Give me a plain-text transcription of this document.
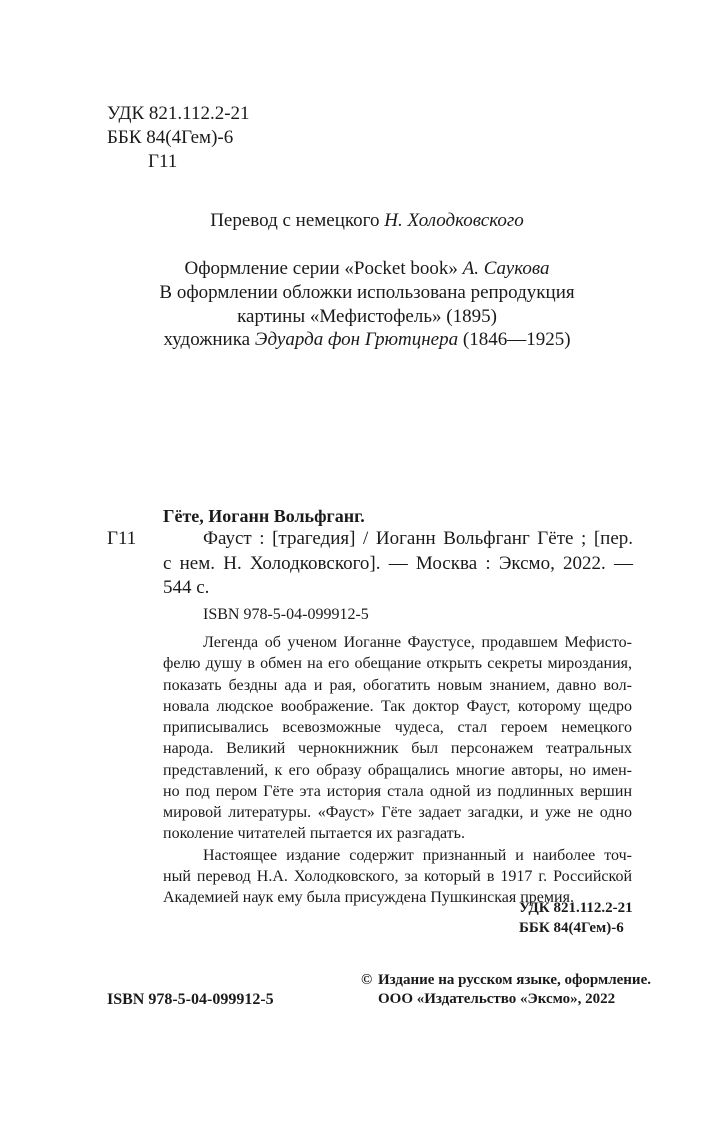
УДК 821.112.2-21
ББК 84(4Гем)-6
Г11
Перевод с немецкого Н. Холодковского
Оформление серии «Pocket book» А. Саукова
В оформлении обложки использована репродукция
картины «Мефистофель» (1895)
художника Эдуарда фон Грютцнера (1846—1925)
Гёте, Иоганн Вольфганг.
Г11	Фауст : [трагедия] / Иоганн Вольфганг Гёте ; [пер.
с нем. Н. Холодковского]. — Москва : Эксмо, 2022. —
544 с.
ISBN 978-5-04-099912-5
Легенда об ученом Иоганне Фаустусе, продавшем Мефисто-
фелю душу в обмен на его обещание открыть секреты мироздания,
показать бездны ада и рая, обогатить новым знанием, давно вол-
новала людское воображение. Так доктор Фауст, которому щедро
приписывались всевозможные чудеса, стал героем немецкого
народа. Великий чернокнижник был персонажем театральных
представлений, к его образу обращались многие авторы, но имен-
но под пером Гёте эта история стала одной из подлинных вершин
мировой литературы. «Фауст» Гёте задает загадки, и уже не одно
поколение читателей пытается их разгадать.
Настоящее издание содержит признанный и наиболее точ-
ный перевод Н.А. Холодковского, за который в 1917 г. Российской
Академией наук ему была присуждена Пушкинская премия.
УДК 821.112.2-21
ББК 84(4Гем)-6
ISBN 978-5-04-099912-5
© Издание на русском языке, оформление.
ООО «Издательство «Эксмо», 2022
